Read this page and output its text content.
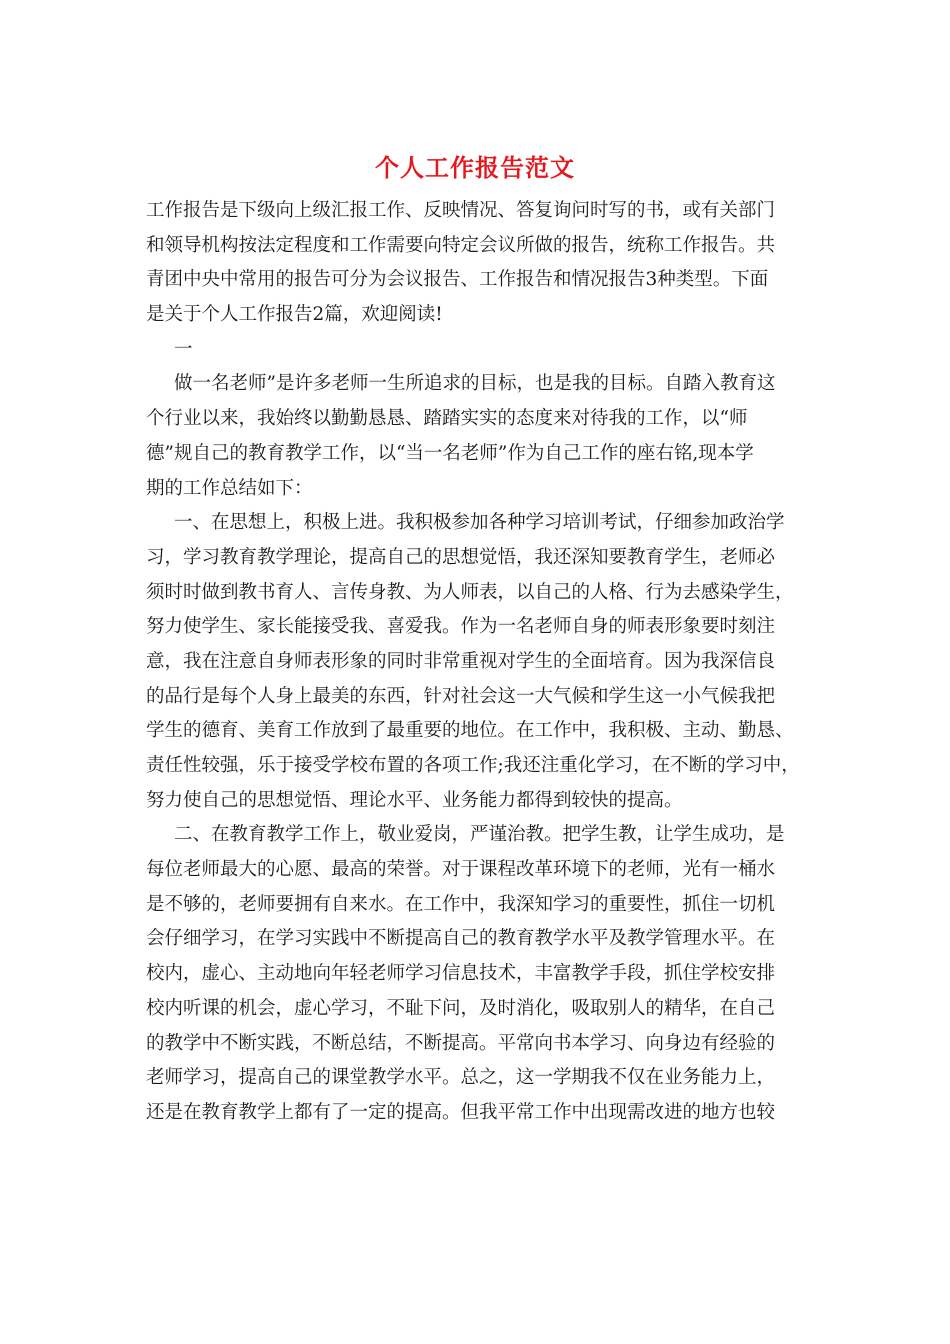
个人工作报告范文
工作报告是下级向上级汇报工作、反映情况、答复询问时写的书，或有关部门
和领导机构按法定程度和工作需要向特定会议所做的报告，统称工作报告。共
青团中央中常用的报告可分为会议报告、工作报告和情况报告3种类型。下面
是关于个人工作报告2篇，欢迎阅读!
一
做一名老师”是许多老师一生所追求的目标，也是我的目标。自踏入教育这
个行业以来，我始终以勤勤恳恳、踏踏实实的态度来对待我的工作，以“师
德”规自己的教育教学工作，以“当一名老师”作为自己工作的座右铭,现本学
期的工作总结如下：
一、在思想上，积极上进。我积极参加各种学习培训考试，仔细参加政治学
习，学习教育教学理论，提高自己的思想觉悟，我还深知要教育学生，老师必
须时时做到教书育人、言传身教、为人师表，以自己的人格、行为去感染学生，
努力使学生、家长能接受我、喜爱我。作为一名老师自身的师表形象要时刻注
意，我在注意自身师表形象的同时非常重视对学生的全面培育。因为我深信良
的品行是每个人身上最美的东西，针对社会这一大气候和学生这一小气候我把
学生的德育、美育工作放到了最重要的地位。在工作中，我积极、主动、勤恳、
责任性较强，乐于接受学校布置的各项工作;我还注重化学习，在不断的学习中，
努力使自己的思想觉悟、理论水平、业务能力都得到较快的提高。
二、在教育教学工作上，敬业爱岗，严谨治教。把学生教，让学生成功，是
每位老师最大的心愿、最高的荣誉。对于课程改革环境下的老师，光有一桶水
是不够的，老师要拥有自来水。在工作中，我深知学习的重要性，抓住一切机
会仔细学习，在学习实践中不断提高自己的教育教学水平及教学管理水平。在
校内，虚心、主动地向年轻老师学习信息技术，丰富教学手段，抓住学校安排
校内听课的机会，虚心学习，不耻下问，及时消化，吸取别人的精华，在自己
的教学中不断实践，不断总结，不断提高。平常向书本学习、向身边有经验的
老师学习，提高自己的课堂教学水平。总之，这一学期我不仅在业务能力上，
还是在教育教学上都有了一定的提高。但我平常工作中出现需改进的地方也较
